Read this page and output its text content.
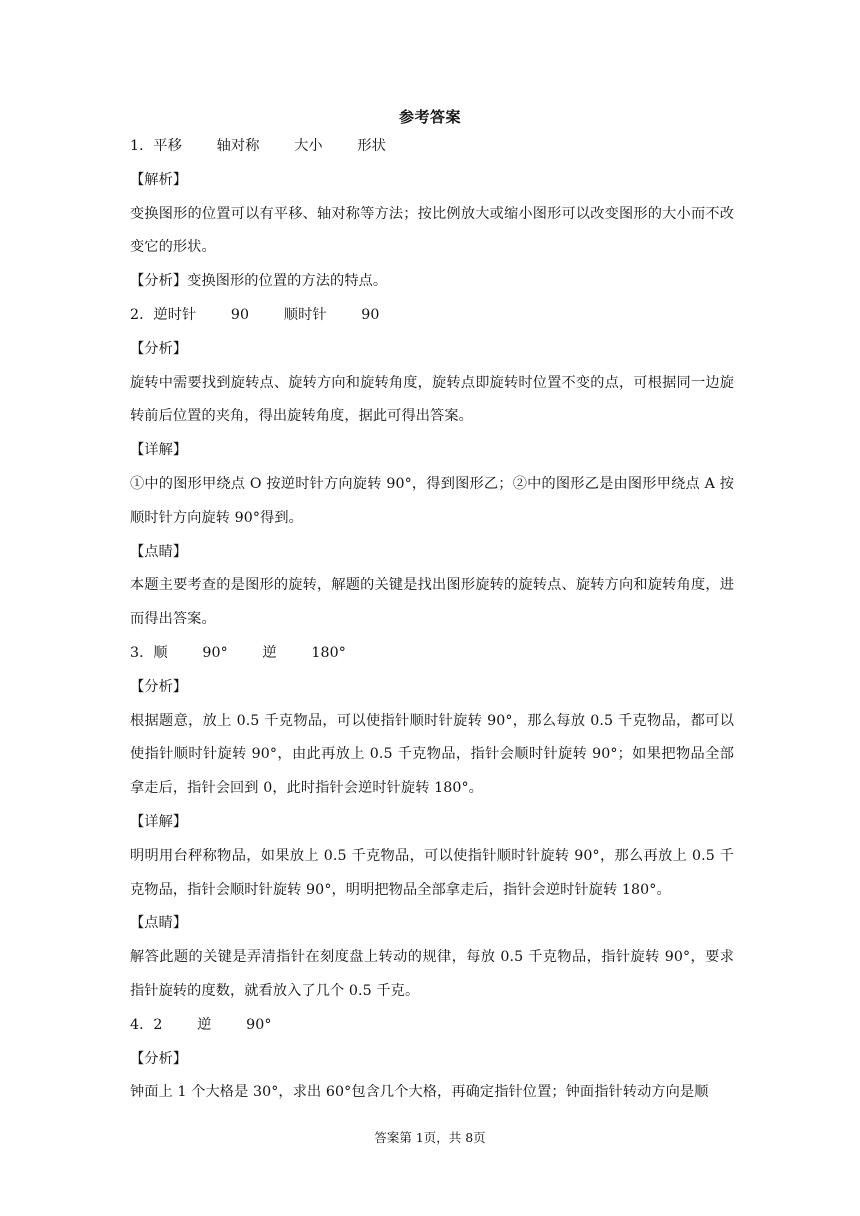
参考答案
1．平移 轴对称 大小 形状
【解析】
变换图形的位置可以有平移、轴对称等方法；按比例放大或缩小图形可以改变图形的大小而不改变它的形状。
【分析】变换图形的位置的方法的特点。
2．逆时针 90 顺时针 90
【分析】
旋转中需要找到旋转点、旋转方向和旋转角度，旋转点即旋转时位置不变的点，可根据同一边旋转前后位置的夹角，得出旋转角度，据此可得出答案。
【详解】
①中的图形甲绕点 O 按逆时针方向旋转 90°，得到图形乙；②中的图形乙是由图形甲绕点 A 按顺时针方向旋转 90°得到。
【点睛】
本题主要考查的是图形的旋转，解题的关键是找出图形旋转的旋转点、旋转方向和旋转角度，进而得出答案。
3．顺 90° 逆 180°
【分析】
根据题意，放上 0.5 千克物品，可以使指针顺时针旋转 90°，那么每放 0.5 千克物品，都可以使指针顺时针旋转 90°，由此再放上 0.5 千克物品，指针会顺时针旋转 90°；如果把物品全部拿走后，指针会回到 0，此时指针会逆时针旋转 180°。
【详解】
明明用台秤称物品，如果放上 0.5 千克物品，可以使指针顺时针旋转 90°，那么再放上 0.5 千克物品，指针会顺时针旋转 90°，明明把物品全部拿走后，指针会逆时针旋转 180°。
【点睛】
解答此题的关键是弄清指针在刻度盘上转动的规律，每放 0.5 千克物品，指针旋转 90°，要求指针旋转的度数，就看放入了几个 0.5 千克。
4．2 逆 90°
【分析】
钟面上 1 个大格是 30°，求出 60°包含几个大格，再确定指针位置；钟面指针转动方向是顺
答案第 1页，共 8页
